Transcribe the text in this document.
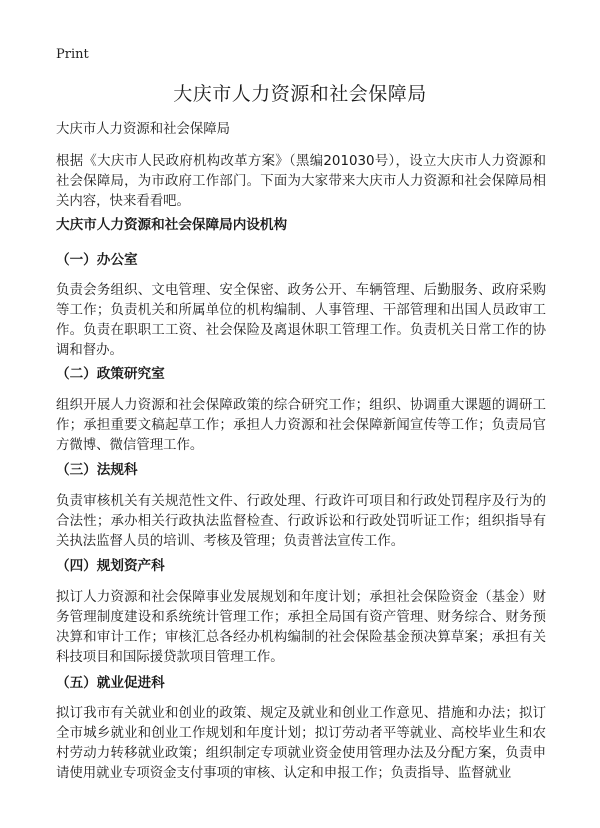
Print
大庆市人力资源和社会保障局

大庆市人力资源和社会保障局

根据《大庆市人民政府机构改革方案》（黑编201030号），设立大庆市人力资源和社会保障局，为市政府工作部门。下面为大家带来大庆市人力资源和社会保障局相关内容，快来看看吧。

大庆市人力资源和社会保障局内设机构
（一）办公室

负责会务组织、文电管理、安全保密、政务公开、车辆管理、后勤服务、政府采购等工作；负责机关和所属单位的机构编制、人事管理、干部管理和出国人员政审工作。负责在职职工工资、社会保险及离退休职工管理工作。负责机关日常工作的协调和督办。

（二）政策研究室

组织开展人力资源和社会保障政策的综合研究工作；组织、协调重大课题的调研工作；承担重要文稿起草工作；承担人力资源和社会保障新闻宣传等工作；负责局官方微博、微信管理工作。

（三）法规科

负责审核机关有关规范性文件、行政处理、行政许可项目和行政处罚程序及行为的合法性；承办相关行政执法监督检查、行政诉讼和行政处罚听证工作；组织指导有关执法监督人员的培训、考核及管理；负责普法宣传工作。

（四）规划资产科

拟订人力资源和社会保障事业发展规划和年度计划；承担社会保险资金（基金）财务管理制度建设和系统统计管理工作；承担全局国有资产管理、财务综合、财务预决算和审计工作；审核汇总各经办机构编制的社会保险基金预决算草案；承担有关科技项目和国际援贷款项目管理工作。

（五）就业促进科

拟订我市有关就业和创业的政策、规定及就业和创业工作意见、措施和办法；拟订全市城乡就业和创业工作规划和年度计划；拟订劳动者平等就业、高校毕业生和农村劳动力转移就业政策；组织制定专项就业资金使用管理办法及分配方案，负责申请使用就业专项资金支付事项的审核、认定和申报工作；负责指导、监督就业
